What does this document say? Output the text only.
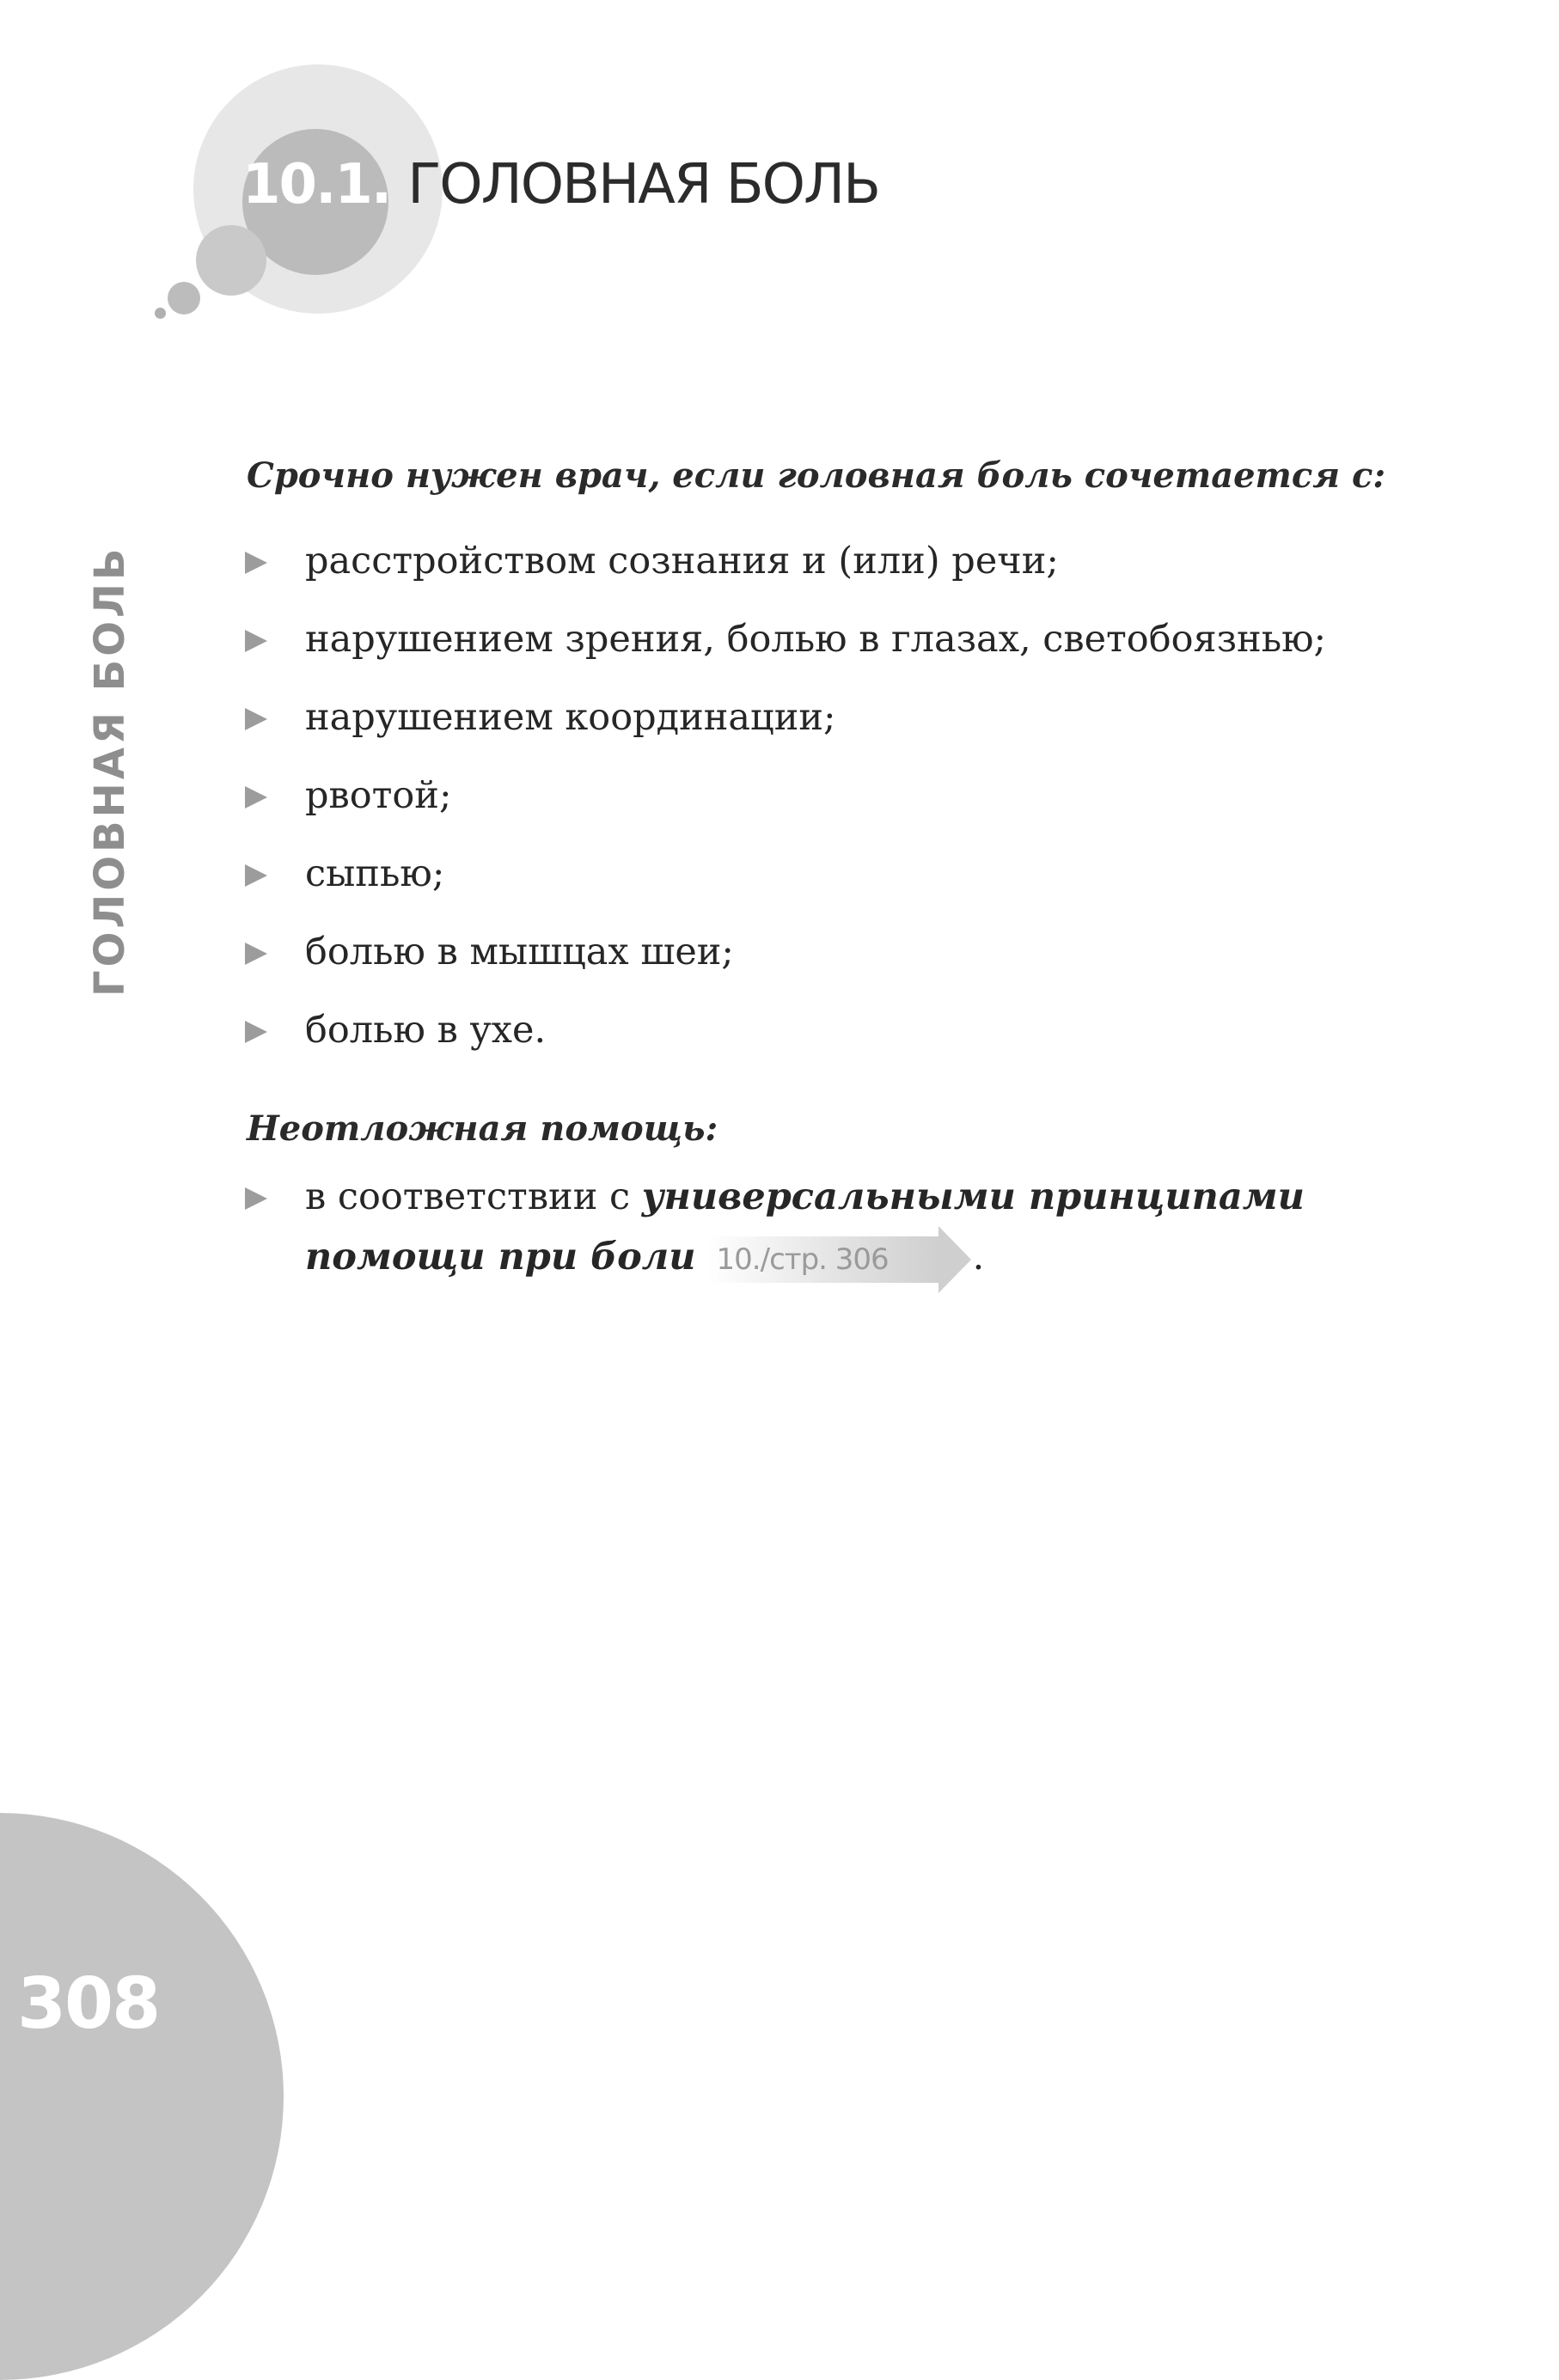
10.1. ГОЛОВНАЯ БОЛЬ
Срочно нужен врач, если головная боль сочетается с:
расстройством сознания и (или) речи;
нарушением зрения, болью в глазах, светобоязнью;
нарушением координации;
рвотой;
сыпью;
болью в мышцах шеи;
болью в ухе.
Неотложная помощь:
в соответствии с универсальными принципами помощи при боли 10./стр. 306 .
ГОЛОВНАЯ БОЛЬ
308
